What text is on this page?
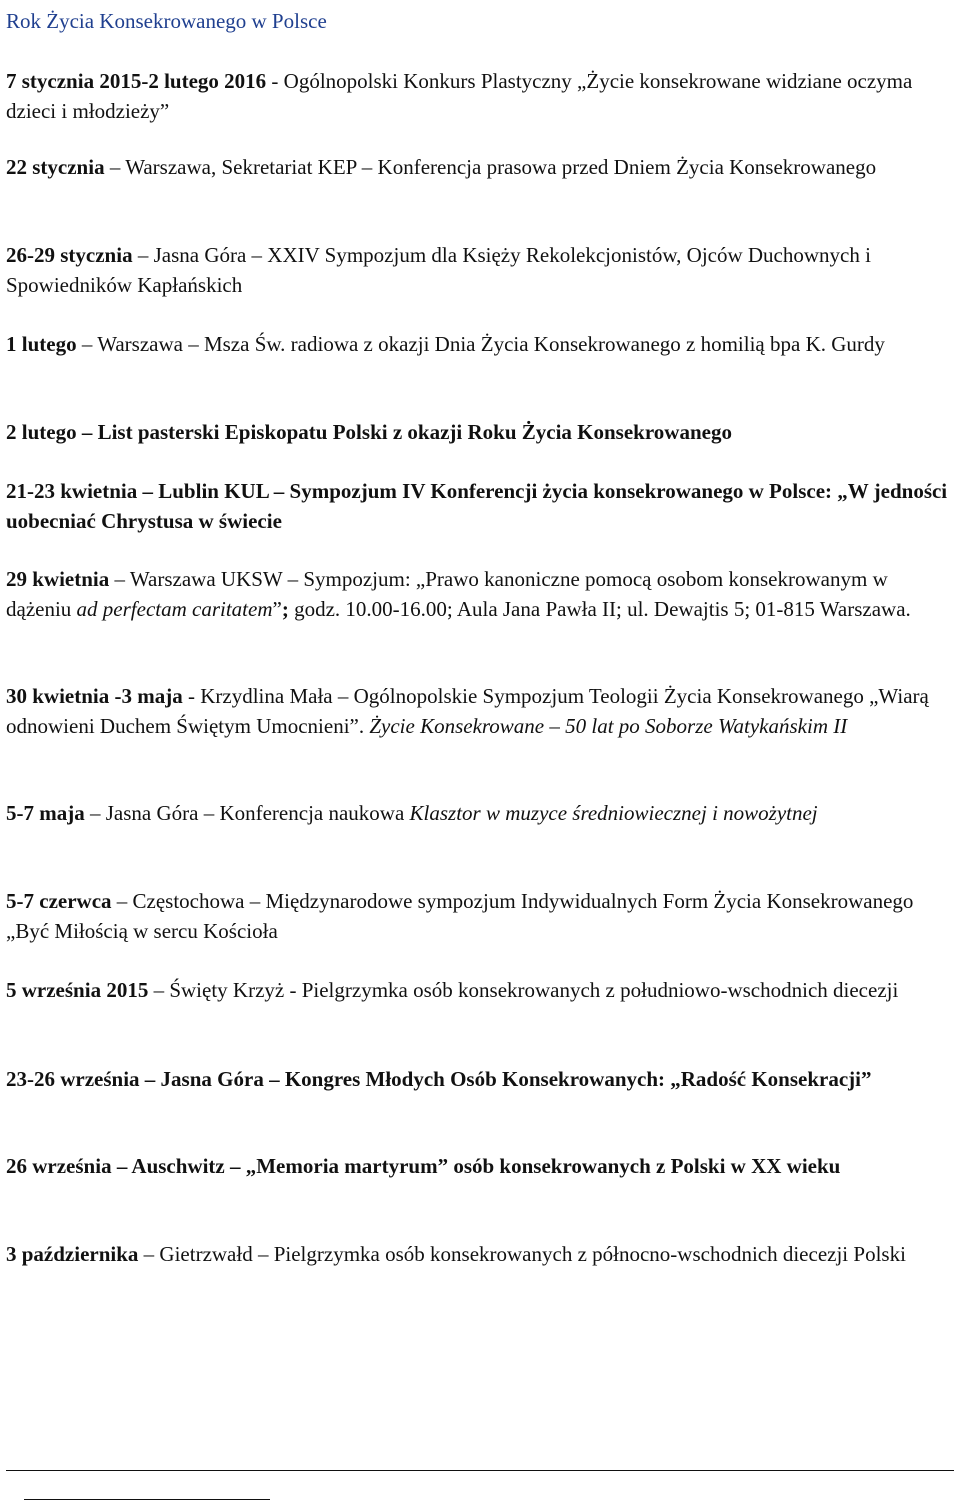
Rok Życia Konsekrowanego w Polsce

7 stycznia 2015-2 lutego 2016 - Ogólnopolski Konkurs Plastyczny „Życie konsekrowane widziane oczyma dzieci i młodzieży”

22 stycznia – Warszawa, Sekretariat KEP – Konferencja prasowa przed Dniem Życia Konsekrowanego

26-29 stycznia – Jasna Góra – XXIV Sympozjum dla Księży Rekolekcjonistów, Ojców Duchownych i Spowiedników Kapłańskich

1 lutego – Warszawa – Msza Św. radiowa z okazji Dnia Życia Konsekrowanego z homilią bpa K. Gurdy

2 lutego – List pasterski Episkopatu Polski z okazji Roku Życia Konsekrowanego

21-23 kwietnia – Lublin KUL – Sympozjum IV Konferencji życia konsekrowanego w Polsce: „W jedności uobecniać Chrystusa w świecie

29 kwietnia – Warszawa UKSW – Sympozjum: „Prawo kanoniczne pomocą osobom konsekrowanym w dążeniu ad perfectam caritatem”; godz. 10.00-16.00; Aula Jana Pawła II; ul. Dewajtis 5; 01-815 Warszawa.

30 kwietnia -3 maja - Krzydlina Mała – Ogólnopolskie Sympozjum Teologii Życia Konsekrowanego „Wiarą odnowieni Duchem Świętym Umocnieni”. Życie Konsekrowane – 50 lat po Soborze Watykańskim II

5-7 maja – Jasna Góra – Konferencja naukowa Klasztor w muzyce średniowiecznej i nowożytnej

5-7 czerwca – Częstochowa – Międzynarodowe sympozjum Indywidualnych Form Życia Konsekrowanego „Być Miłością w sercu Kościoła

5 września 2015 – Święty Krzyż - Pielgrzymka osób konsekrowanych z południowo-wschodnich diecezji

23-26 września – Jasna Góra – Kongres Młodych Osób Konsekrowanych: „Radość Konsekracji”

26 września – Auschwitz – „Memoria martyrum” osób konsekrowanych z Polski w XX wieku

3 października – Gietrzwałd – Pielgrzymka osób konsekrowanych z północno-wschodnich diecezji Polski
